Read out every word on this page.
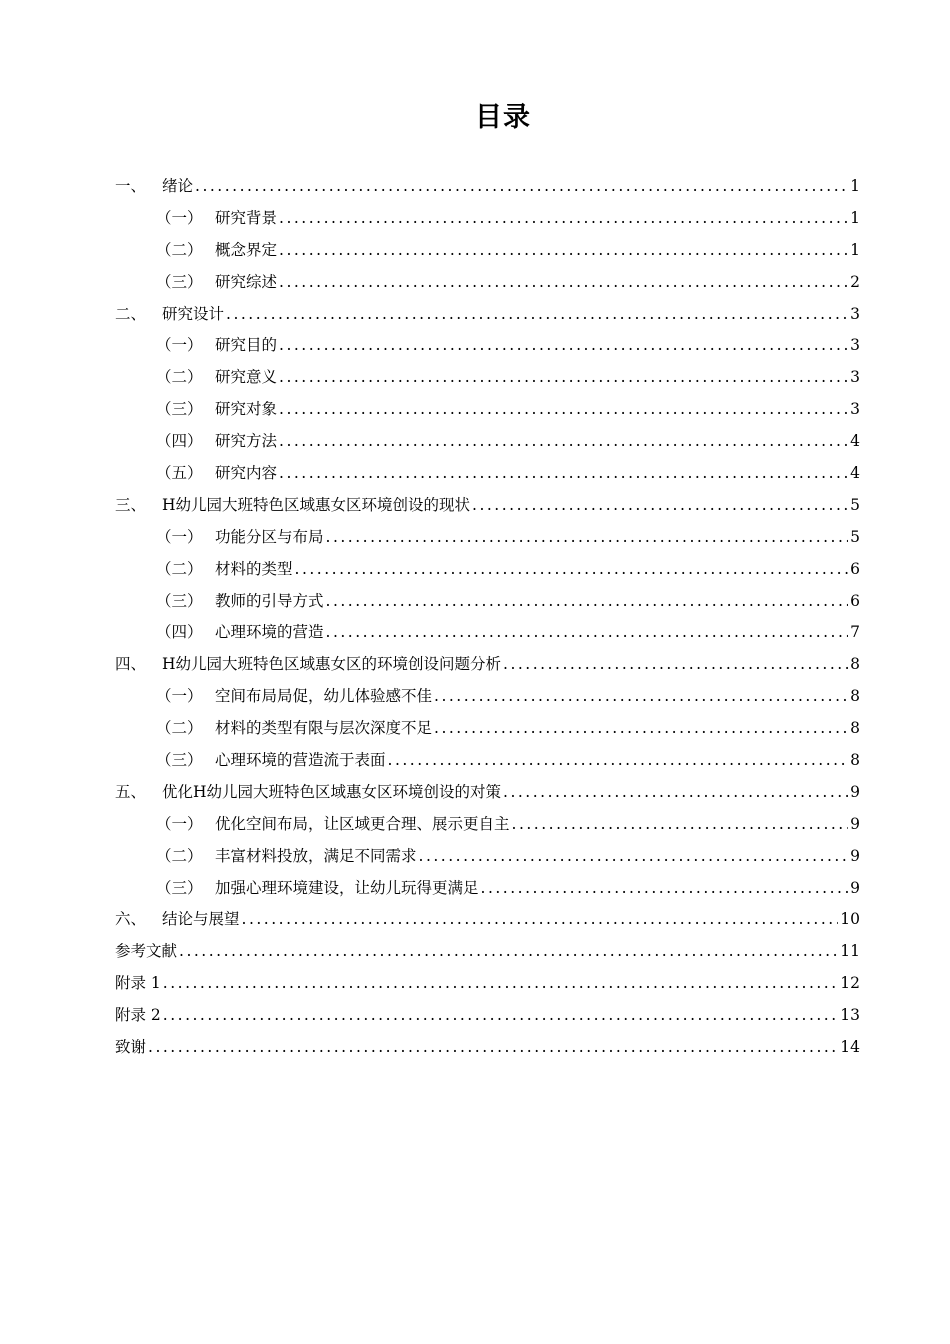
目录
一、	绪论 .....	1
（一） 研究背景 .....	1
（二） 概念界定 .....	1
（三） 研究综述 .....	2
二、	研究设计 .....	3
（一） 研究目的 .....	3
（二） 研究意义 .....	3
（三） 研究对象 .....	3
（四） 研究方法 .....	4
（五） 研究内容 .....	4
三、	H幼儿园大班特色区域惠女区环境创设的现状 .....	5
（一） 功能分区与布局 .....	5
（二） 材料的类型 .....	6
（三） 教师的引导方式 .....	6
（四） 心理环境的营造 .....	7
四、	H幼儿园大班特色区域惠女区的环境创设问题分析 .....	8
（一） 空间布局局促，幼儿体验感不佳 .....	8
（二） 材料的类型有限与层次深度不足 .....	8
（三） 心理环境的营造流于表面 .....	8
五、	优化H幼儿园大班特色区域惠女区环境创设的对策 .....	9
（一） 优化空间布局，让区域更合理、展示更自主 .....	9
（二） 丰富材料投放，满足不同需求 .....	9
（三） 加强心理环境建设，让幼儿玩得更满足 .....	9
六、	结论与展望 .....	10
参考文献 .....	11
附录 1 .....	12
附录 2 .....	13
致谢 .....	14
